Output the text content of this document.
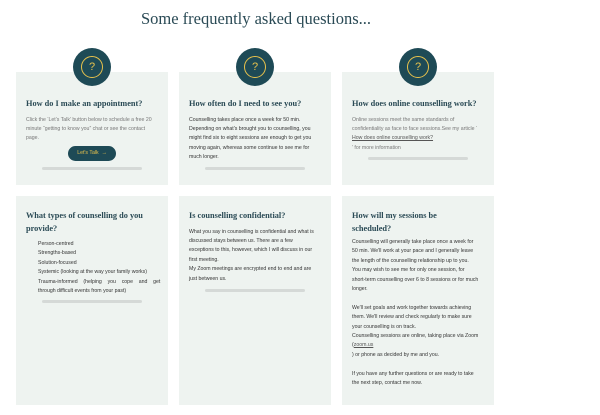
Some frequently asked questions...
How do I make an appointment?

Click the ‘Let’s Talk’ button below to schedule a free 20

minute “getting to know you” chat or see the contact

page.

Let's Talk →
?
How often do I need to see you?

Counselling takes place once a week for 50 min.

Depending on what's brought you to counselling, you

might find six to eight sessions are enough to get you

moving again, whereas some continue to see me for

much longer.

?
How does online counselling work?

Online sessions meet the same standards of

confidentiality as face to face sessions.See my article ‘

How does online counselling work?

’ for more information

?
What types of counselling do you
provide?
Person-centred
Strengths-based
Solution-focused
Systemic (looking at the way your family works)
Trauma-informed    (helping    you    cope    and    get
through difficult events from your past)
Is counselling confidential?

What you say in counselling is confidential and what is

discussed stays between us. There are a few

exceptions to this, however, which I will discuss in our

first meeting.

My Zoom meetings are encrypted end to end and are

just between us.

How will my sessions be
scheduled?

Counselling will generally take place once a week for

50 min. We'll work at your pace and I generally leave

the length of the counselling relationship up to you.

You may wish to see me for only one session, for

short-term counselling over 6 to 8 sessions or for much

longer.

We'll set goals and work together towards achieving

them. We'll review and check regularly to make sure

your counselling is on track.

Counselling sessions are online, taking place via Zoom

(zoom.us

) or phone as decided by me and you.

If you have any further questions or are ready to take

the next step, contact me now.
